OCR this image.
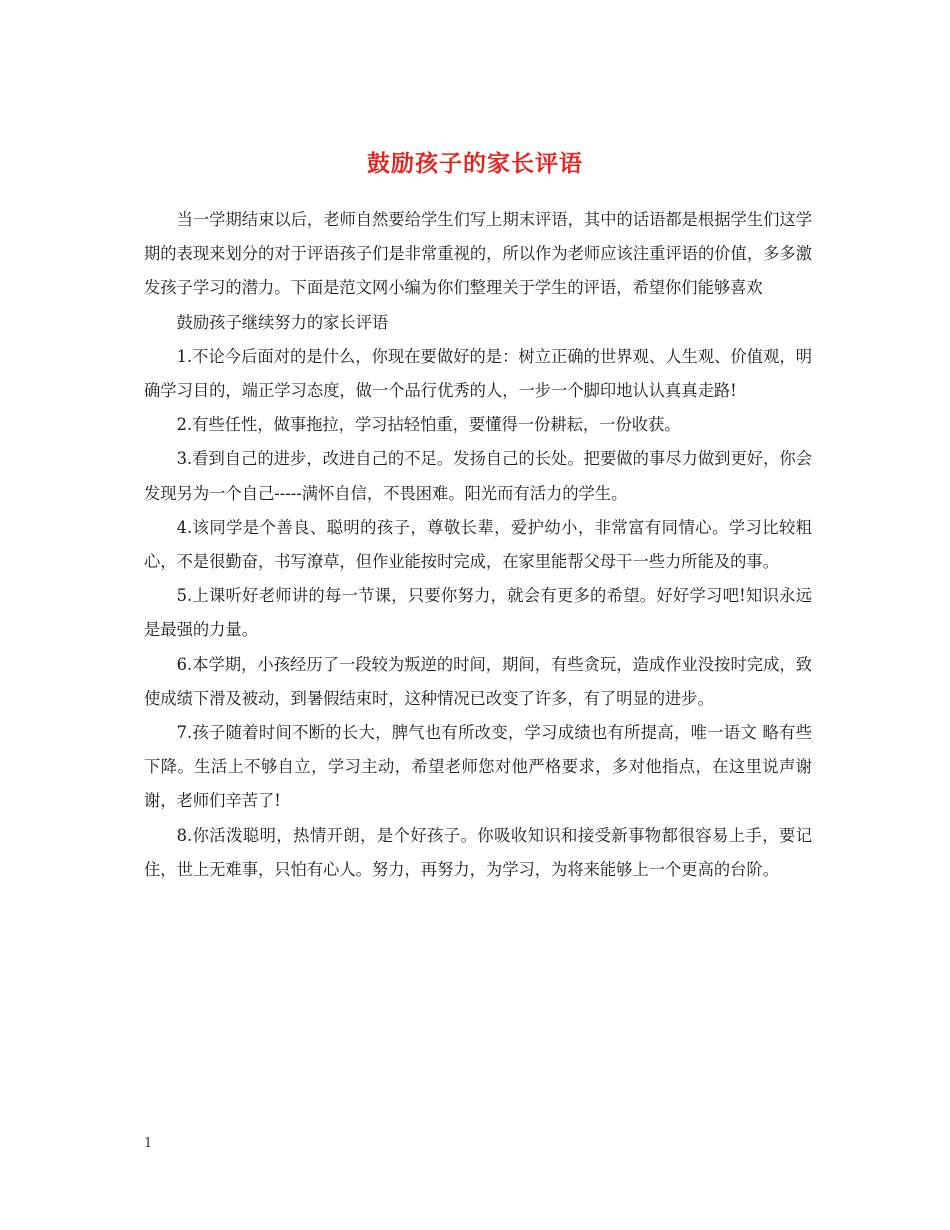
鼓励孩子的家长评语

当一学期结束以后，老师自然要给学生们写上期末评语，其中的话语都是根据学生们这学期的表现来划分的对于评语孩子们是非常重视的，所以作为老师应该注重评语的价值，多多激发孩子学习的潜力。下面是范文网小编为你们整理关于学生的评语，希望你们能够喜欢

鼓励孩子继续努力的家长评语

1.不论今后面对的是什么，你现在要做好的是：树立正确的世界观、人生观、价值观，明确学习目的，端正学习态度，做一个品行优秀的人，一步一个脚印地认认真真走路!

2.有些任性，做事拖拉，学习拈轻怕重，要懂得一份耕耘，一份收获。

3.看到自己的进步，改进自己的不足。发扬自己的长处。把要做的事尽力做到更好，你会发现另为一个自己-----满怀自信，不畏困难。阳光而有活力的学生。

4.该同学是个善良、聪明的孩子，尊敬长辈，爱护幼小，非常富有同情心。学习比较粗心，不是很勤奋，书写潦草，但作业能按时完成，在家里能帮父母干一些力所能及的事。

5.上课听好老师讲的每一节课，只要你努力，就会有更多的希望。好好学习吧!知识永远是最强的力量。

6.本学期，小孩经历了一段较为叛逆的时间，期间，有些贪玩，造成作业没按时完成，致使成绩下滑及被动，到暑假结束时，这种情况已改变了许多，有了明显的进步。

7.孩子随着时间不断的长大，脾气也有所改变，学习成绩也有所提高，唯一语文 略有些下降。生活上不够自立，学习主动，希望老师您对他严格要求，多对他指点，在这里说声谢谢，老师们辛苦了!

8.你活泼聪明，热情开朗，是个好孩子。你吸收知识和接受新事物都很容易上手，要记住，世上无难事，只怕有心人。努力，再努力，为学习，为将来能够上一个更高的台阶。

1
